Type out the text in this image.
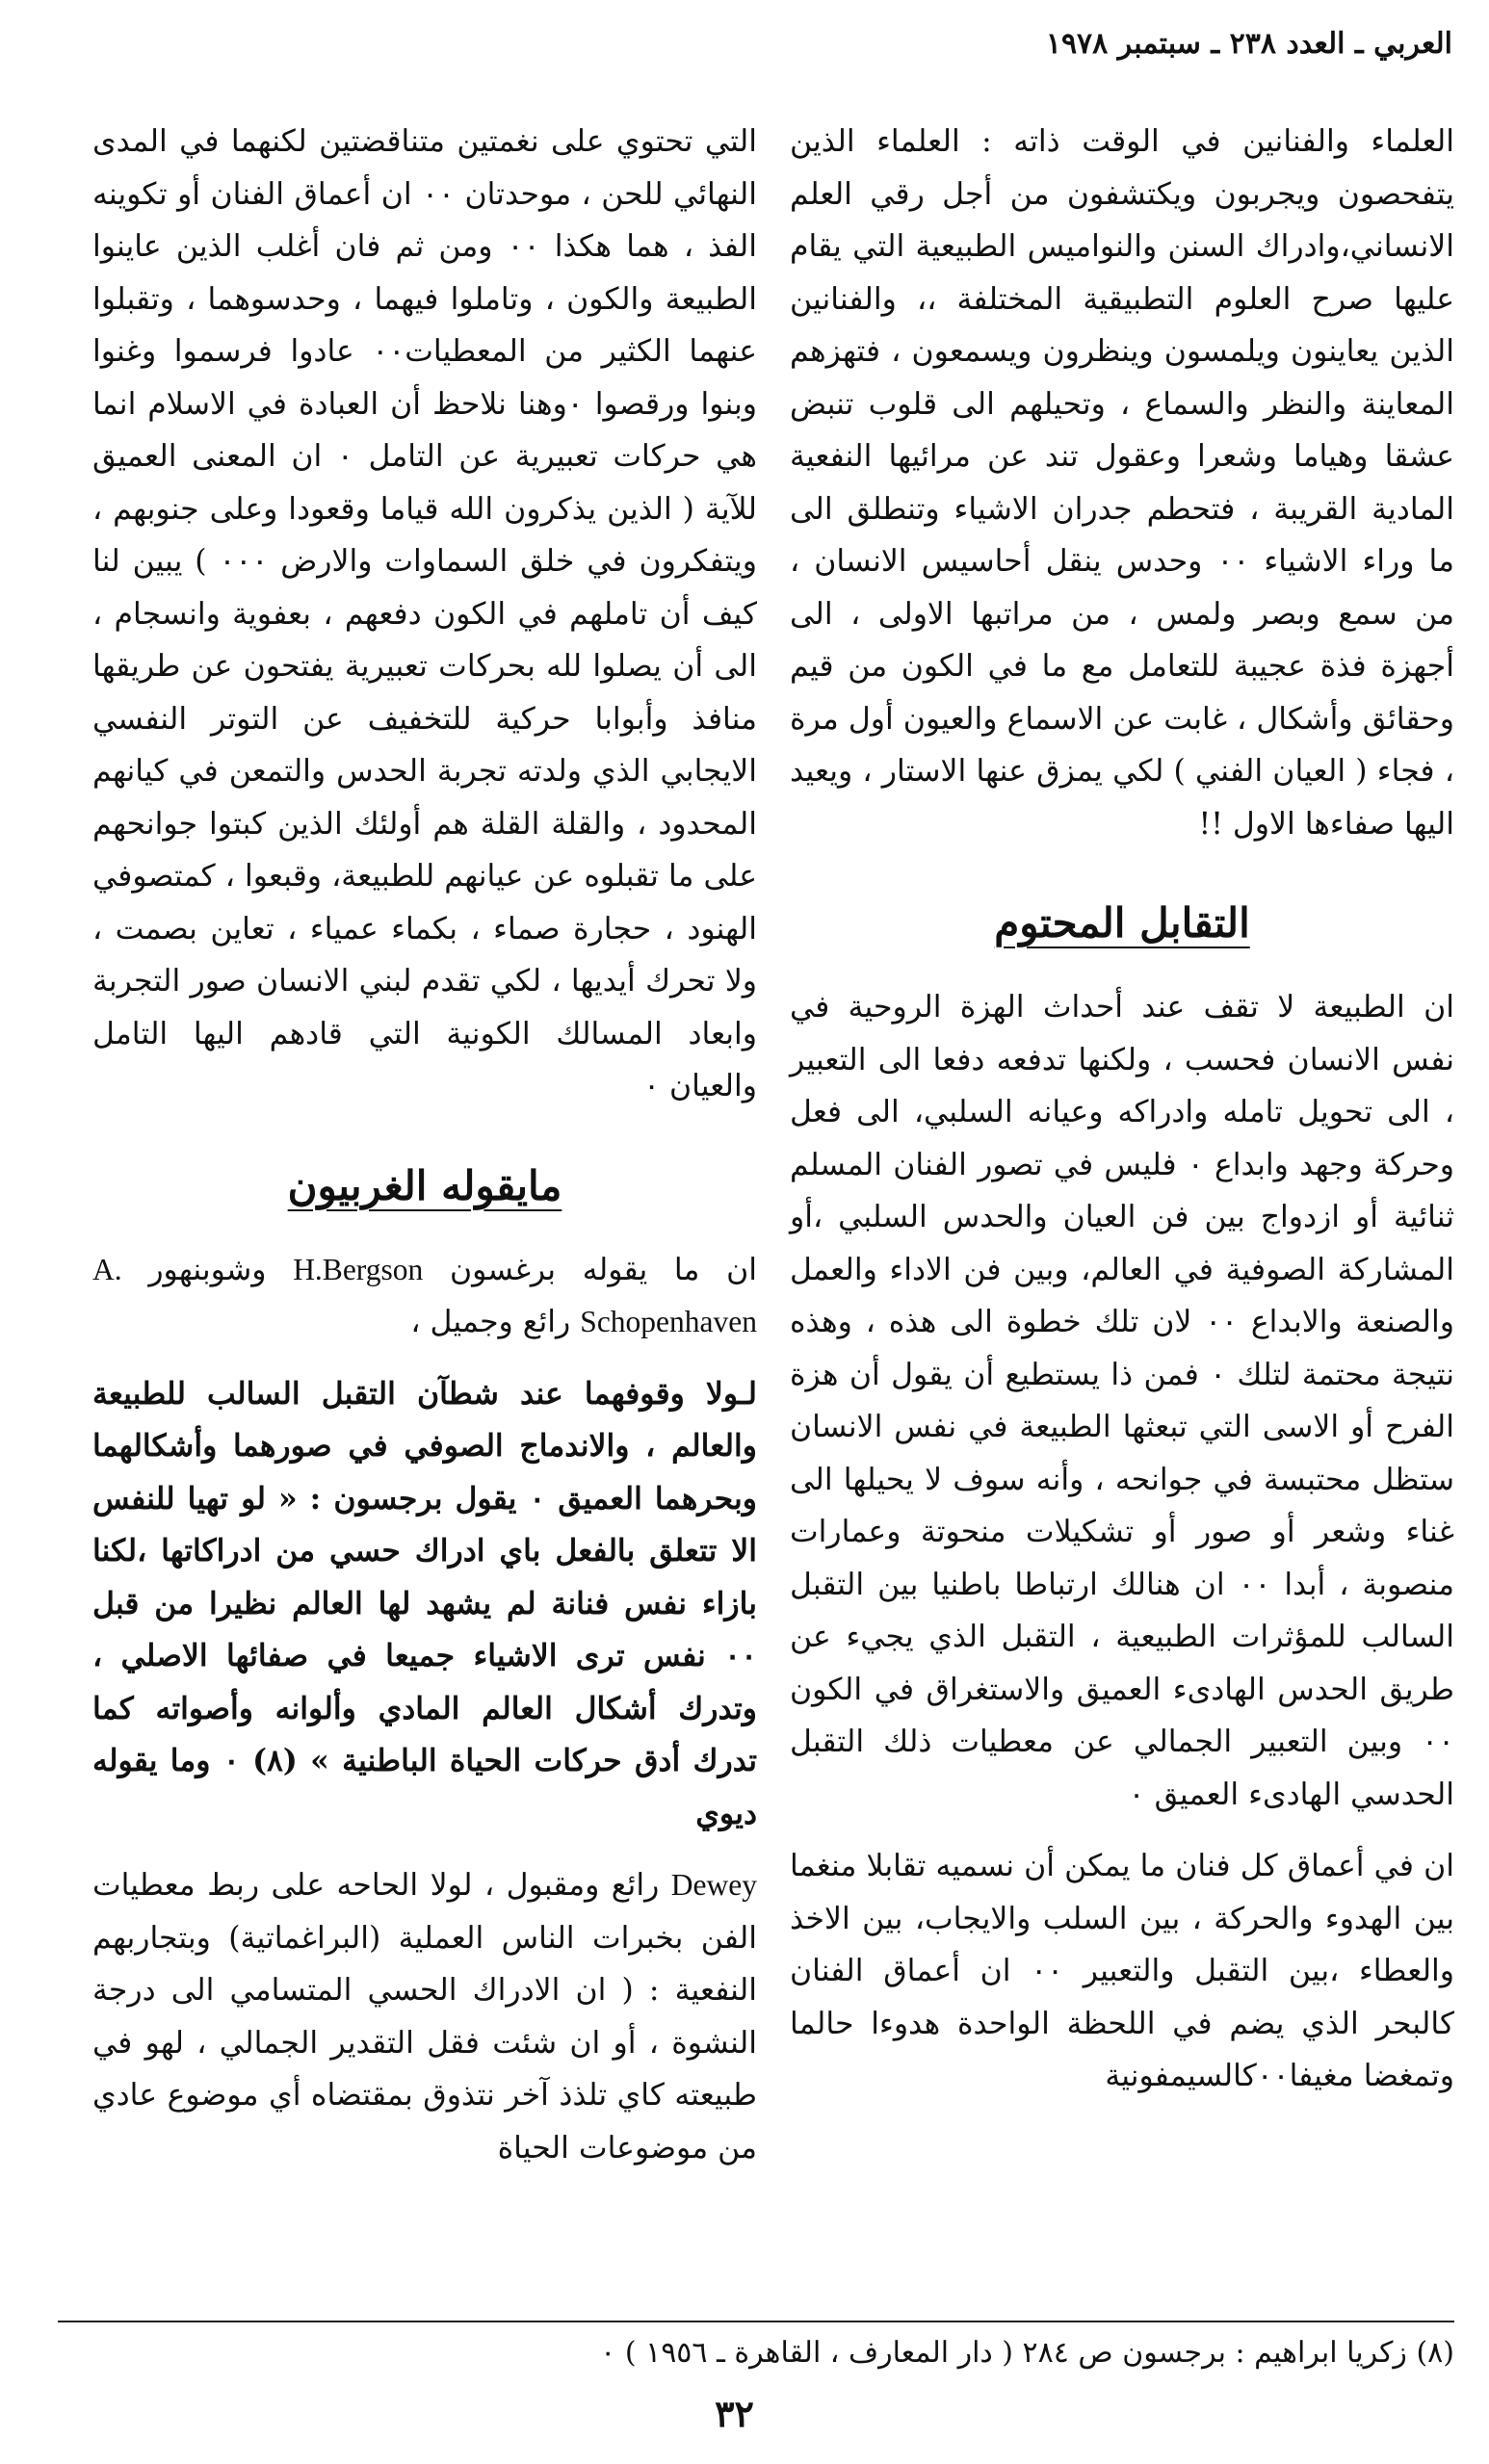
العربي ـ العدد ٢٣٨ ـ سبتمبر ١٩٧٨

العلماء والفنانين في الوقت ذاته : العلماء الذين يتفحصون ويجربون ويكتشفون من أجل رقي العلم الانساني،وادراك السنن والنواميس الطبيعية التي يقام عليها صرح العلوم التطبيقية المختلفة ،، والفنانين الذين يعاينون ويلمسون وينظرون ويسمعون ، فتهزهم المعاينة والنظر والسماع ، وتحيلهم الى قلوب تنبض عشقا وهياما وشعرا وعقول تند عن مرائيها النفعية المادية القريبة ، فتحطم جدران الاشياء وتنطلق الى ما وراء الاشياء ٠٠ وحدس ينقل أحاسيس الانسان ، من سمع وبصر ولمس ، من مراتبها الاولى ، الى أجهزة فذة عجيبة للتعامل مع ما في الكون من قيم وحقائق وأشكال ، غابت عن الاسماع والعيون أول مرة ، فجاء ( العيان الفني ) لكي يمزق عنها الاستار ، ويعيد اليها صفاءها الاول !!

التقابل المحتوم

ان الطبيعة لا تقف عند أحداث الهزة الروحية في نفس الانسان فحسب ، ولكنها تدفعه دفعا الى التعبير ، الى تحويل تامله وادراكه وعيانه السلبي، الى فعل وحركة وجهد وابداع ٠ فليس في تصور الفنان المسلم ثنائية أو ازدواج بين فن العيان والحدس السلبي ،أو المشاركة الصوفية في العالم، وبين فن الاداء والعمل والصنعة والابداع ٠٠ لان تلك خطوة الى هذه ، وهذه نتيجة محتمة لتلك ٠ فمن ذا يستطيع أن يقول أن هزة الفرح أو الاسى التي تبعثها الطبيعة في نفس الانسان ستظل محتبسة في جوانحه ، وأنه سوف لا يحيلها الى غناء وشعر أو صور أو تشكيلات منحوتة وعمارات منصوبة ، أبدا ٠٠ ان هنالك ارتباطا باطنيا بين التقبل السالب للمؤثرات الطبيعية ، التقبل الذي يجيء عن طريق الحدس الهادىء العميق والاستغراق في الكون ٠٠ وبين التعبير الجمالي عن معطيات ذلك التقبل الحدسي الهادىء العميق ٠

ان في أعماق كل فنان ما يمكن أن نسميه تقابلا منغما بين الهدوء والحركة ، بين السلب والايجاب، بين الاخذ والعطاء ،بين التقبل والتعبير ٠٠ ان أعماق الفنان كالبحر الذي يضم في اللحظة الواحدة هدوءا حالما وتمغضا مغيفا٠٠كالسيمفونية

التي تحتوي على نغمتين متناقضتين لكنهما في المدى النهائي للحن ، موحدتان ٠٠ ان أعماق الفنان أو تكوينه الفذ ، هما هكذا ٠٠ ومن ثم فان أغلب الذين عاينوا الطبيعة والكون ، وتاملوا فيهما ، وحدسوهما ، وتقبلوا عنهما الكثير من المعطيات٠٠ عادوا فرسموا وغنوا وبنوا ورقصوا ٠وهنا نلاحظ أن العبادة في الاسلام انما هي حركات تعبيرية عن التامل ٠ ان المعنى العميق للآية ( الذين يذكرون الله قياما وقعودا وعلى جنوبهم ، ويتفكرون في خلق السماوات والارض ٠٠٠ ) يبين لنا كيف أن تاملهم في الكون دفعهم ، بعفوية وانسجام ، الى أن يصلوا لله بحركات تعبيرية يفتحون عن طريقها منافذ وأبوابا حركية للتخفيف عن التوتر النفسي الايجابي الذي ولدته تجربة الحدس والتمعن في كيانهم المحدود ، والقلة القلة هم أولئك الذين كبتوا جوانحهم على ما تقبلوه عن عيانهم للطبيعة، وقبعوا ، كمتصوفي الهنود ، حجارة صماء ، بكماء عمياء ، تعاين بصمت ، ولا تحرك أيديها ، لكي تقدم لبني الانسان صور التجربة وابعاد المسالك الكونية التي قادهم اليها التامل والعيان ٠

مايقوله الغربيون

ان ما يقوله برغسون H.Bergson وشوبنهور A. Schopenhaven رائع وجميل ،

لـولا وقوفهما عند شطآن التقبل السالب للطبيعة والعالم ، والاندماج الصوفي في صورهما وأشكالهما وبحرهما العميق ٠ يقول برجسون : « لو تهيا للنفس الا تتعلق بالفعل باي ادراك حسي من ادراكاتها ،لكنا بازاء نفس فنانة لم يشهد لها العالم نظيرا من قبل ٠٠ نفس ترى الاشياء جميعا في صفائها الاصلي ، وتدرك أشكال العالم المادي وألوانه وأصواته كما تدرك أدق حركات الحياة الباطنية » (٨) ٠ وما يقوله ديوي

Dewey رائع ومقبول ، لولا الحاحه على ربط معطيات الفن بخبرات الناس العملية (البراغماتية) وبتجاربهم النفعية : ( ان الادراك الحسي المتسامي الى درجة النشوة ، أو ان شئت فقل التقدير الجمالي ، لهو في طبيعته كاي تلذذ آخر نتذوق بمقتضاه أي موضوع عادي من موضوعات الحياة

(٨) زكريا ابراهيم : برجسون ص ٢٨٤ ( دار المعارف ، القاهرة ـ ١٩٥٦ ) ٠
٣٢
